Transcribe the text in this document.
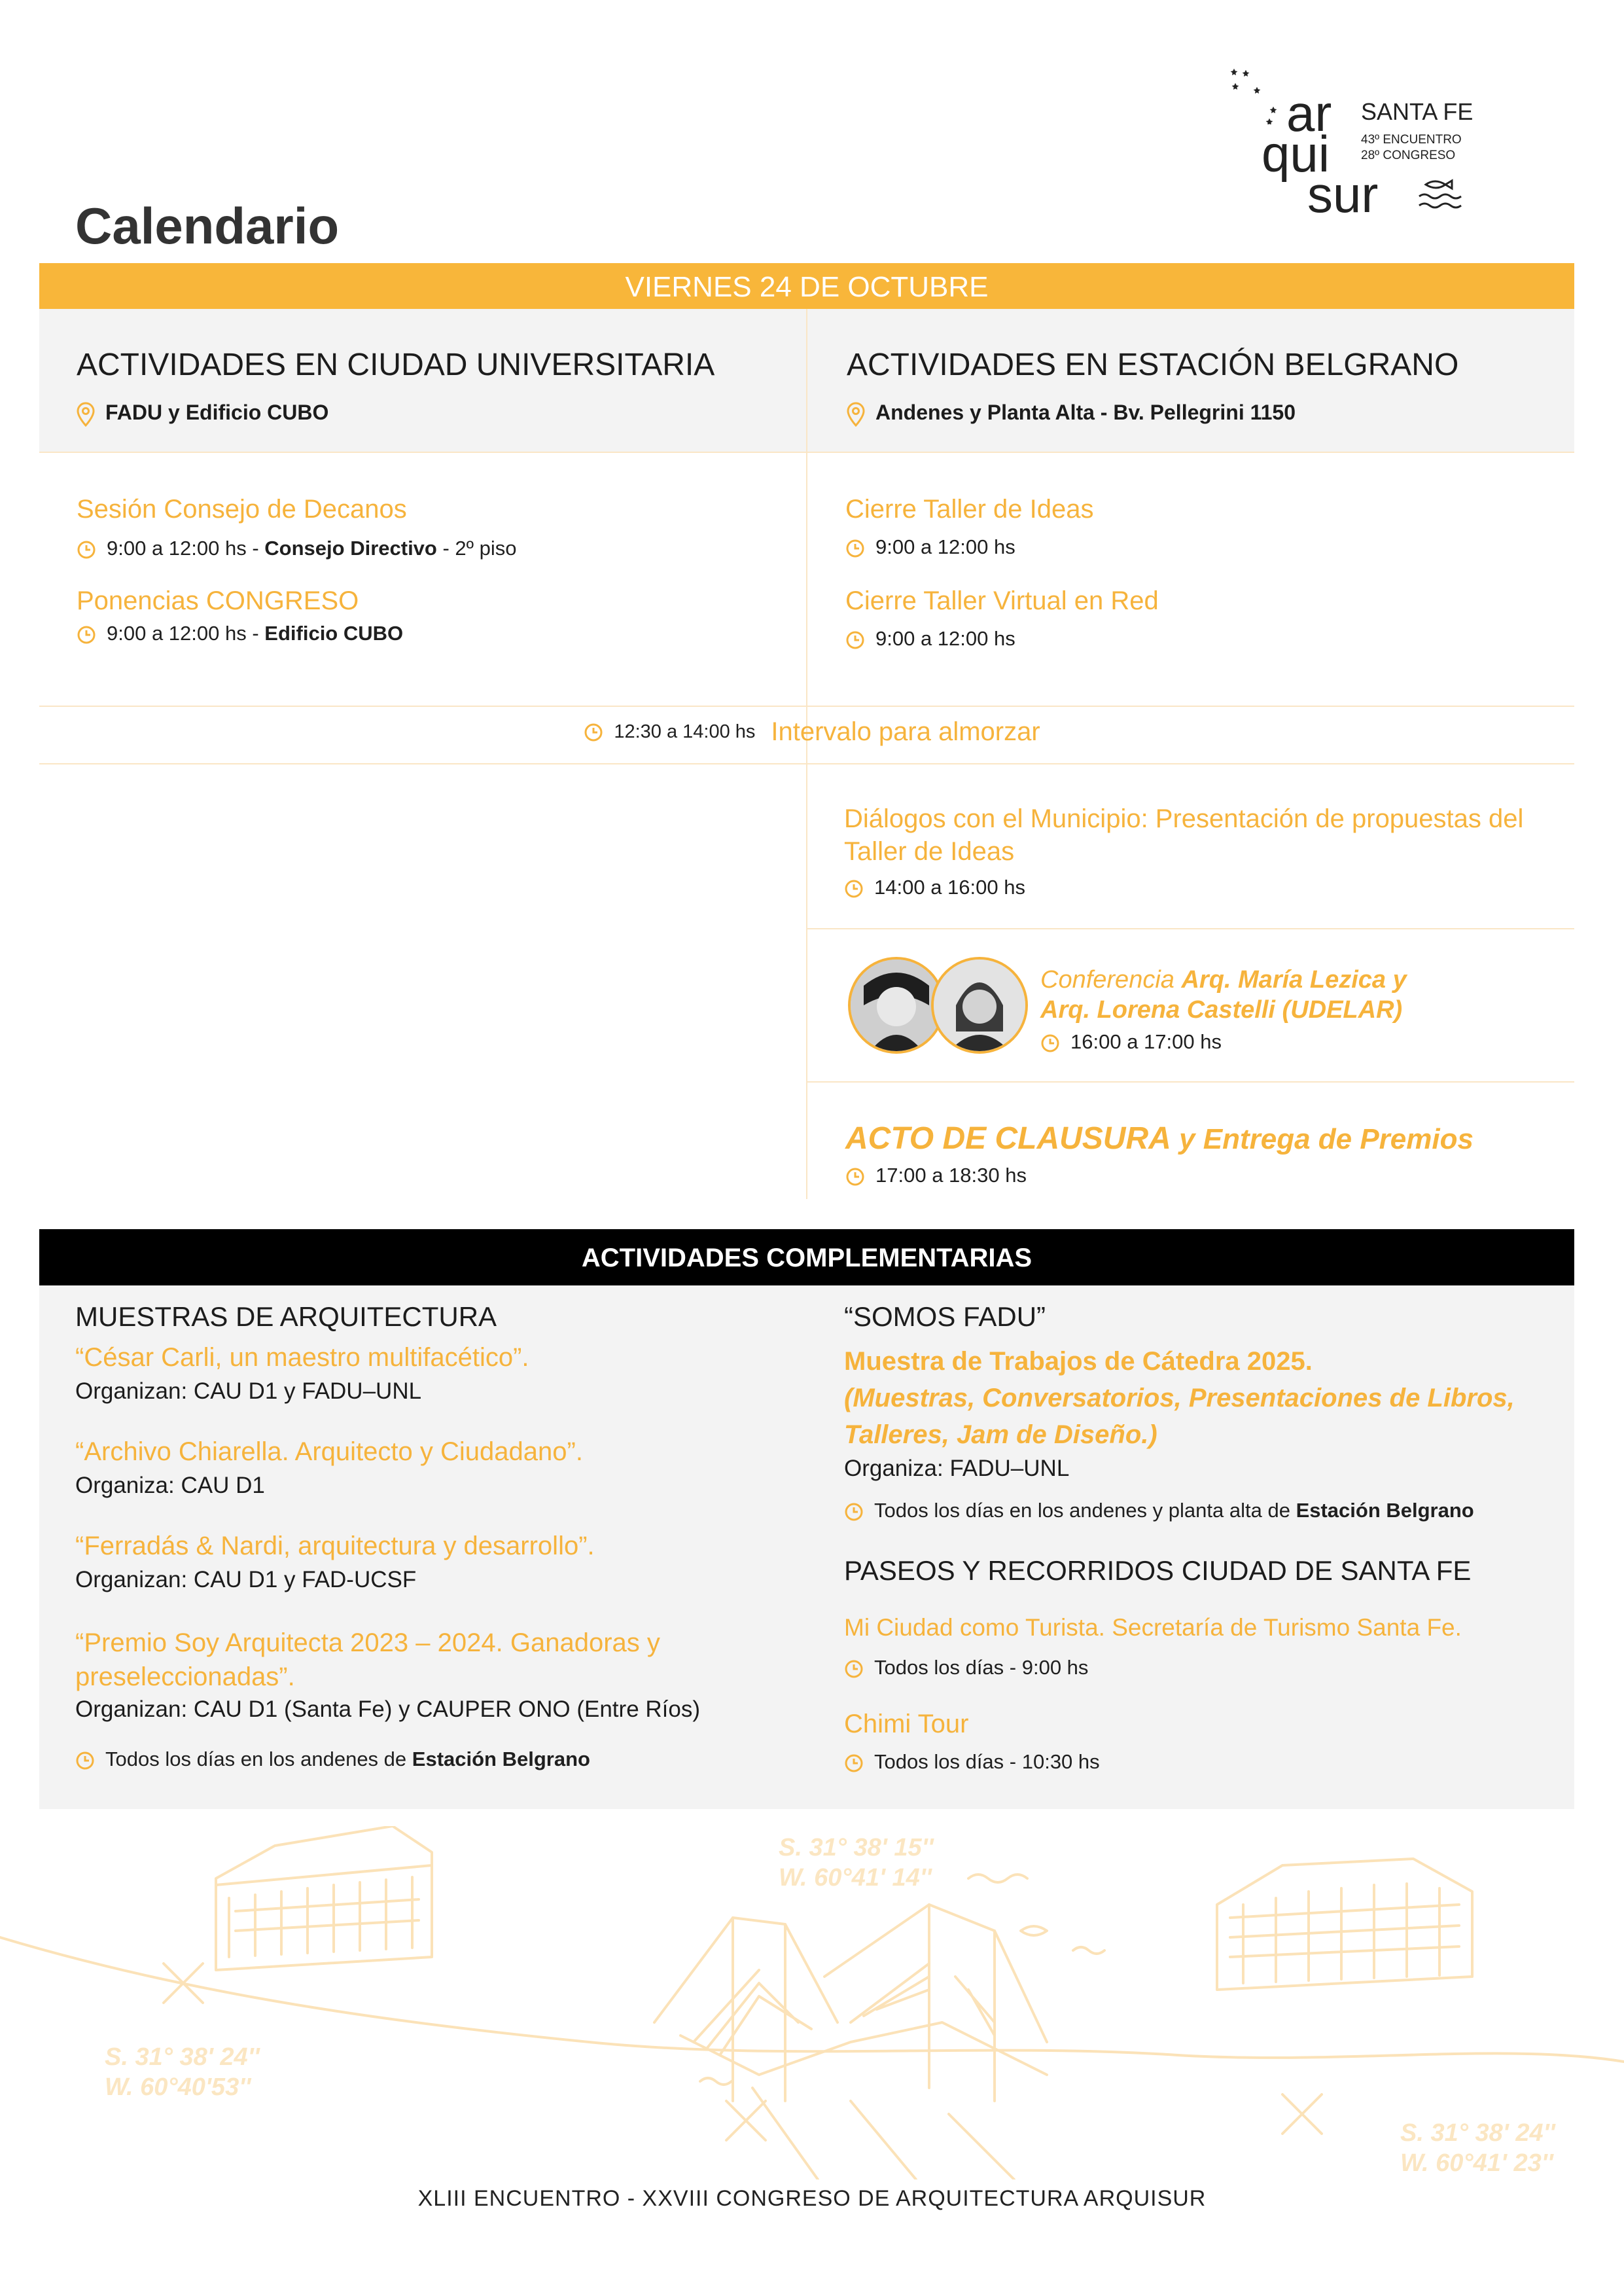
Calendario
ar
qui
sur
SANTA FE
43º ENCUENTRO
28º CONGRESO
VIERNES 24 DE OCTUBRE
ACTIVIDADES EN CIUDAD UNIVERSITARIA
FADU y Edificio CUBO
ACTIVIDADES EN ESTACIÓN BELGRANO
Andenes y Planta Alta - Bv. Pellegrini 1150
Sesión Consejo de Decanos
9:00 a 12:00 hs - Consejo Directivo - 2º piso
Ponencias CONGRESO
9:00 a 12:00 hs - Edificio CUBO
Cierre Taller de Ideas
9:00 a 12:00 hs
Cierre Taller Virtual en Red
9:00 a 12:00 hs
12:30 a 14:00 hs Intervalo para almorzar
Diálogos con el Municipio: Presentación de propuestas del
Taller de Ideas
14:00 a 16:00 hs
Conferencia Arq. María Lezica y
Arq. Lorena Castelli (UDELAR)
16:00 a 17:00 hs
ACTO DE CLAUSURA y Entrega de Premios
17:00 a 18:30 hs
ACTIVIDADES COMPLEMENTARIAS
MUESTRAS DE ARQUITECTURA
“César Carli, un maestro multifacético”.
Organizan: CAU D1 y FADU–UNL
“Archivo Chiarella. Arquitecto y Ciudadano”.
Organiza: CAU D1
“Ferradás & Nardi, arquitectura y desarrollo”.
Organizan: CAU D1 y FAD-UCSF
“Premio Soy Arquitecta 2023 – 2024. Ganadoras y
preseleccionadas”.
Organizan: CAU D1 (Santa Fe) y CAUPER ONO (Entre Ríos)
Todos los días en los andenes de Estación Belgrano
“SOMOS FADU”
Muestra de Trabajos de Cátedra 2025.
(Muestras, Conversatorios, Presentaciones de Libros,
Talleres, Jam de Diseño.)
Organiza: FADU–UNL
Todos los días en los andenes y planta alta de Estación Belgrano
PASEOS Y RECORRIDOS CIUDAD DE SANTA FE
Mi Ciudad como Turista. Secretaría de Turismo Santa Fe.
Todos los días - 9:00 hs
Chimi Tour
Todos los días - 10:30 hs
S. 31° 38' 15''
W. 60°41' 14''
S. 31° 38' 24''
W. 60°40'53''
S. 31° 38' 24''
W. 60°41' 23''
XLIII ENCUENTRO - XXVIII CONGRESO DE ARQUITECTURA ARQUISUR
